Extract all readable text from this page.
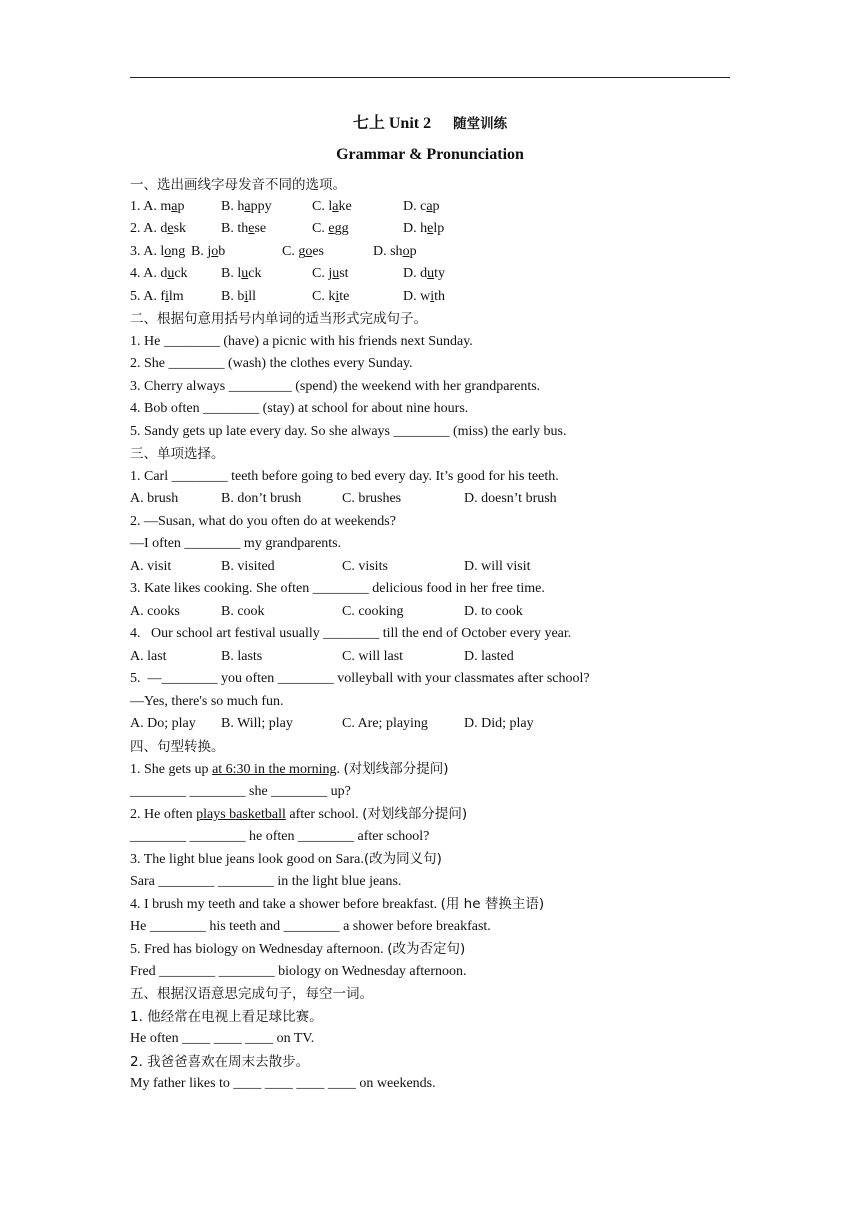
七上 Unit 2 随堂训练
Grammar & Pronunciation
一、选出画线字母发音不同的选项。
1. A. map	B. happy	C. lake	D. cap
2. A. desk B. these	C. egg	D. help
3. A. long B. job	C. goes	D. shop
4. A. duck B. luck	C. just	D. duty
5. A. film	B. bill	C. kite	D. with
二、根据句意用括号内单词的适当形式完成句子。
1. He ________ (have) a picnic with his friends next Sunday.
2. She ________ (wash) the clothes every Sunday.
3. Cherry always _________ (spend) the weekend with her grandparents.
4. Bob often ________ (stay) at school for about nine hours.
5. Sandy gets up late every day. So she always ________ (miss) the early bus.
三、单项选择。
1. Carl ________ teeth before going to bed every day. It’s good for his teeth.
A. brush	B. don’t brush	C. brushes	D. doesn’t brush
2. —Susan, what do you often do at weekends?
—I often ________ my grandparents.
A. visit	B. visited	C. visits	D. will visit
3. Kate likes cooking. She often ________ delicious food in her free time.
A. cooks	B. cook	C. cooking	D. to cook
4.   Our school art festival usually ________ till the end of October every year.
A. last	B. lasts	C. will last	D. lasted
5.  —________ you often ________ volleyball with your classmates after school?
—Yes, there's so much fun.
A. Do; play B. Will; play	C. Are; playing	D. Did; play
四、句型转换。
1. She gets up at 6:30 in the morning. (对划线部分提问)
________ ________ she ________ up?
2. He often plays basketball after school. (对划线部分提问)
________ ________ he often ________ after school?
3. The light blue jeans look good on Sara.(改为同义句)
Sara ________ ________ in the light blue jeans.
4. I brush my teeth and take a shower before breakfast. (用 he 替换主语)
He ________ his teeth and ________ a shower before breakfast.
5. Fred has biology on Wednesday afternoon. (改为否定句)
Fred ________ ________ biology on Wednesday afternoon.
五、根据汉语意思完成句子，每空一词。
1. 他经常在电视上看足球比赛。
He often ____ ____ ____ on TV.
2. 我爸爸喜欢在周末去散步。
My father likes to ____ ____ ____ ____ on weekends.
